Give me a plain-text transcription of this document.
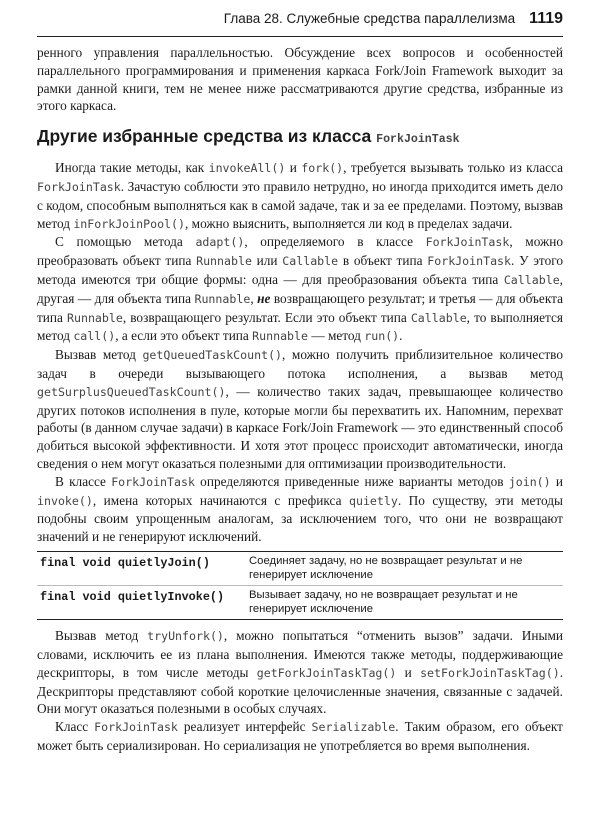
Глава 28. Служебные средства параллелизма 1119

ренного управления параллельностью. Обсуждение всех вопросов и особенностей параллельного программирования и применения каркаса Fork/Join Framework выходит за рамки данной книги, тем не менее ниже рассматриваются другие средства, избранные из этого каркаса.

Другие избранные средства из класса ForkJoinTask

Иногда такие методы, как invokeAll() и fork(), требуется вызывать только из класса ForkJoinTask. Зачастую соблюсти это правило нетрудно, но иногда приходится иметь дело с кодом, способным выполняться как в самой задаче, так и за ее пределами. Поэтому, вызвав метод inForkJoinPool(), можно выяснить, выполняется ли код в пределах задачи.

С помощью метода adapt(), определяемого в классе ForkJoinTask, можно преобразовать объект типа Runnable или Callable в объект типа ForkJoinTask. У этого метода имеются три общие формы: одна — для преобразования объекта типа Callable, другая — для объекта типа Runnable, не возвращающего результат; и третья — для объекта типа Runnable, возвращающего результат. Если это объект типа Callable, то выполняется метод call(), а если это объект типа Runnable — метод run().

Вызвав метод getQueuedTaskCount(), можно получить приблизительное количество задач в очереди вызывающего потока исполнения, а вызвав метод getSurplusQueuedTaskCount(), — количество таких задач, превышающее количество других потоков исполнения в пуле, которые могли бы перехватить их. Напомним, перехват работы (в данном случае задачи) в каркасе Fork/Join Framework — это единственный способ добиться высокой эффективности. И хотя этот процесс происходит автоматически, иногда сведения о нем могут оказаться полезными для оптимизации производительности.

В классе ForkJoinTask определяются приведенные ниже варианты методов join() и invoke(), имена которых начинаются с префикса quietly. По существу, эти методы подобны своим упрощенным аналогам, за исключением того, что они не возвращают значений и не генерируют исключений.

final void quietlyJoin()	Соединяет задачу, но не возвращает результат и не генерирует исключение
final void quietlyInvoke()	Вызывает задачу, но не возвращает результат и не генерирует исключение

Вызвав метод tryUnfork(), можно попытаться “отменить вызов” задачи. Иными словами, исключить ее из плана выполнения. Имеются также методы, поддерживающие дескрипторы, в том числе методы getForkJoinTaskTag() и setForkJoinTaskTag(). Дескрипторы представляют собой короткие целочисленные значения, связанные с задачей. Они могут оказаться полезными в особых случаях.

Класс ForkJoinTask реализует интерфейс Serializable. Таким образом, его объект может быть сериализирован. Но сериализация не употребляется во время выполнения.
